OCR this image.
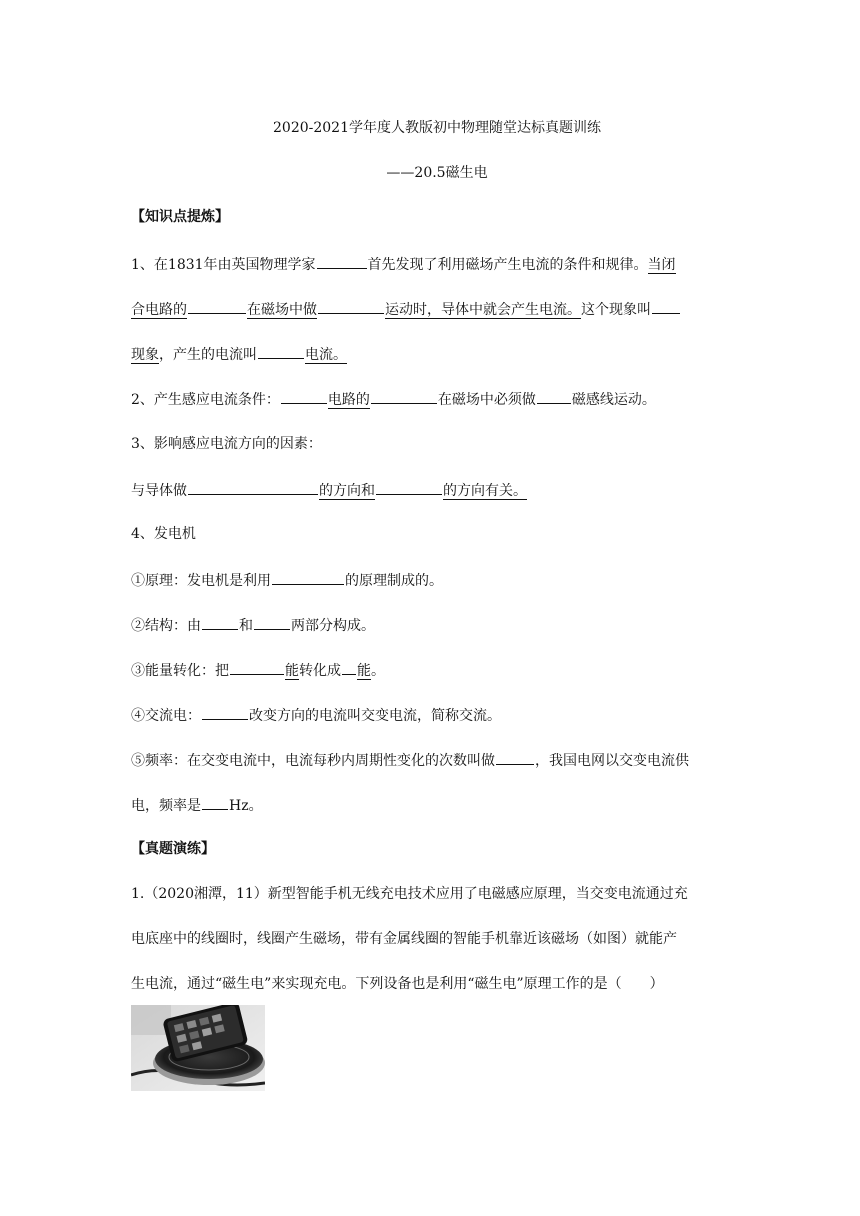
2020-2021学年度人教版初中物理随堂达标真题训练
——20.5磁生电
【知识点提炼】
1、在1831年由英国物理学家	首先发现了利用磁场产生电流的条件和规律。当闭
合电路的	在磁场中做	运动时，导体中就会产生电流。这个现象叫
现象，产生的电流叫	电流。
2、产生感应电流条件：	电路的	在磁场中必须做	磁感线运动。
3、影响感应电流方向的因素：
与导体做	的方向和	的方向有关。
4、发电机
①原理：发电机是利用	的原理制成的。
②结构：由	和	两部分构成。
③能量转化：把	能转化成 能。
④交流电：	改变方向的电流叫交变电流，简称交流。
⑤频率：在交变电流中，电流每秒内周期性变化的次数叫做	，我国电网以交变电流供
电，频率是 Hz。
【真题演练】
1.（2020湘潭，11）新型智能手机无线充电技术应用了电磁感应原理，当交变电流通过充
电底座中的线圈时，线圈产生磁场，带有金属线圈的智能手机靠近该磁场（如图）就能产
生电流，通过“磁生电”来实现充电。下列设备也是利用“磁生电”原理工作的是（　　）
